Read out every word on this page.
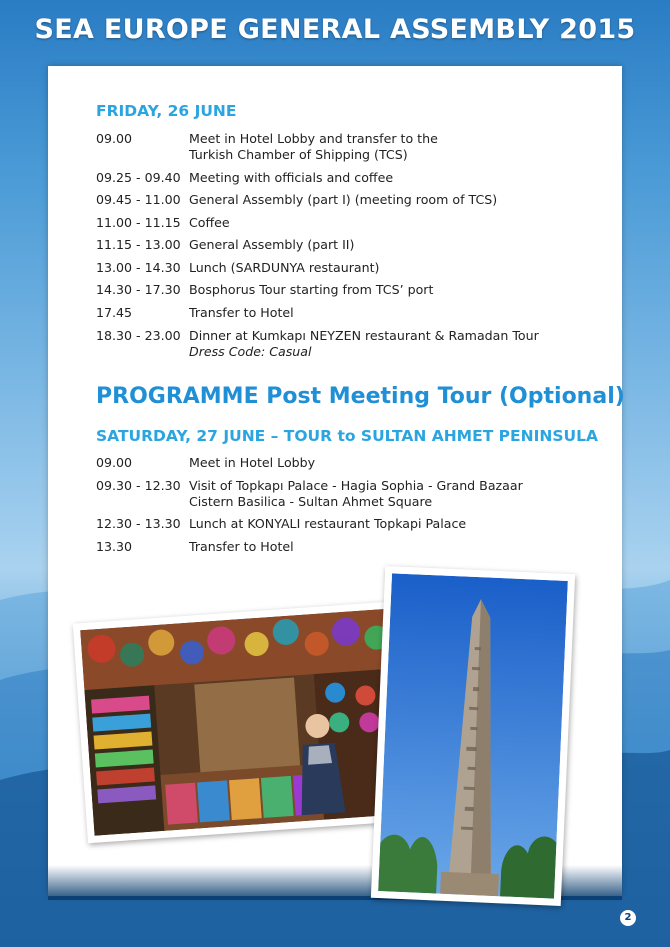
SEA EUROPE GENERAL ASSEMBLY 2015
FRIDAY, 26 JUNE
09.00	Meet in Hotel Lobby and transfer to the
Turkish Chamber of Shipping (TCS)
09.25 - 09.40 Meeting with officials and coffee
09.45 - 11.00 General Assembly (part I) (meeting room of TCS)
11.00 - 11.15 Coffee
11.15 - 13.00 General Assembly (part II)
13.00 - 14.30 Lunch (SARDUNYA restaurant)
14.30 - 17.30 Bosphorus Tour starting from TCS’ port
17.45	Transfer to Hotel
18.30 - 23.00 Dinner at Kumkapı NEYZEN restaurant & Ramadan Tour
Dress Code: Casual
PROGRAMME Post Meeting Tour (Optional)
SATURDAY, 27 JUNE – TOUR to SULTAN AHMET PENINSULA
09.00	Meet in Hotel Lobby
09.30 - 12.30 Visit of Topkapı Palace - Hagia Sophia - Grand Bazaar
Cistern Basilica - Sultan Ahmet Square
12.30 - 13.30 Lunch at KONYALI restaurant Topkapi Palace
13.30	Transfer to Hotel
2
